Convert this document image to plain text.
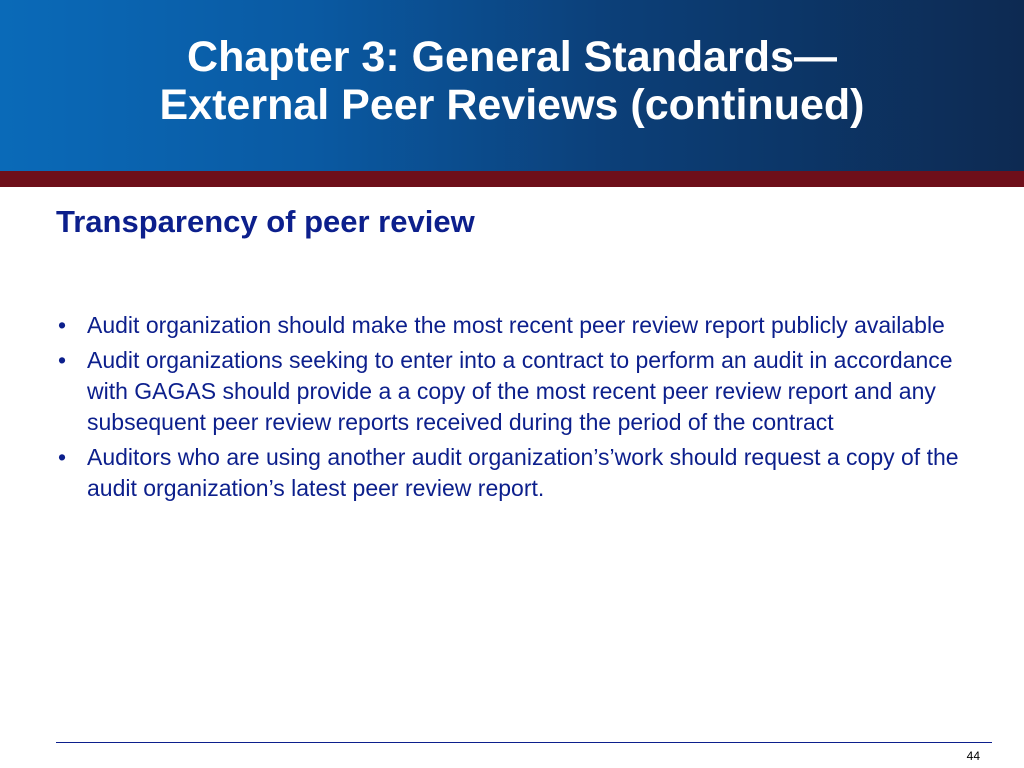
Chapter 3: General Standards—
External Peer Reviews (continued)
Transparency of peer review
• Audit organization should make the most recent peer review report publicly available
• Audit organizations seeking to enter into a contract to perform an audit in accordance with GAGAS should provide a a copy of the most recent peer review report and any subsequent peer review reports received during the period of the contract
• Auditors who are using another audit organization’s’work should request a copy of the audit organization’s latest peer review report.
44
